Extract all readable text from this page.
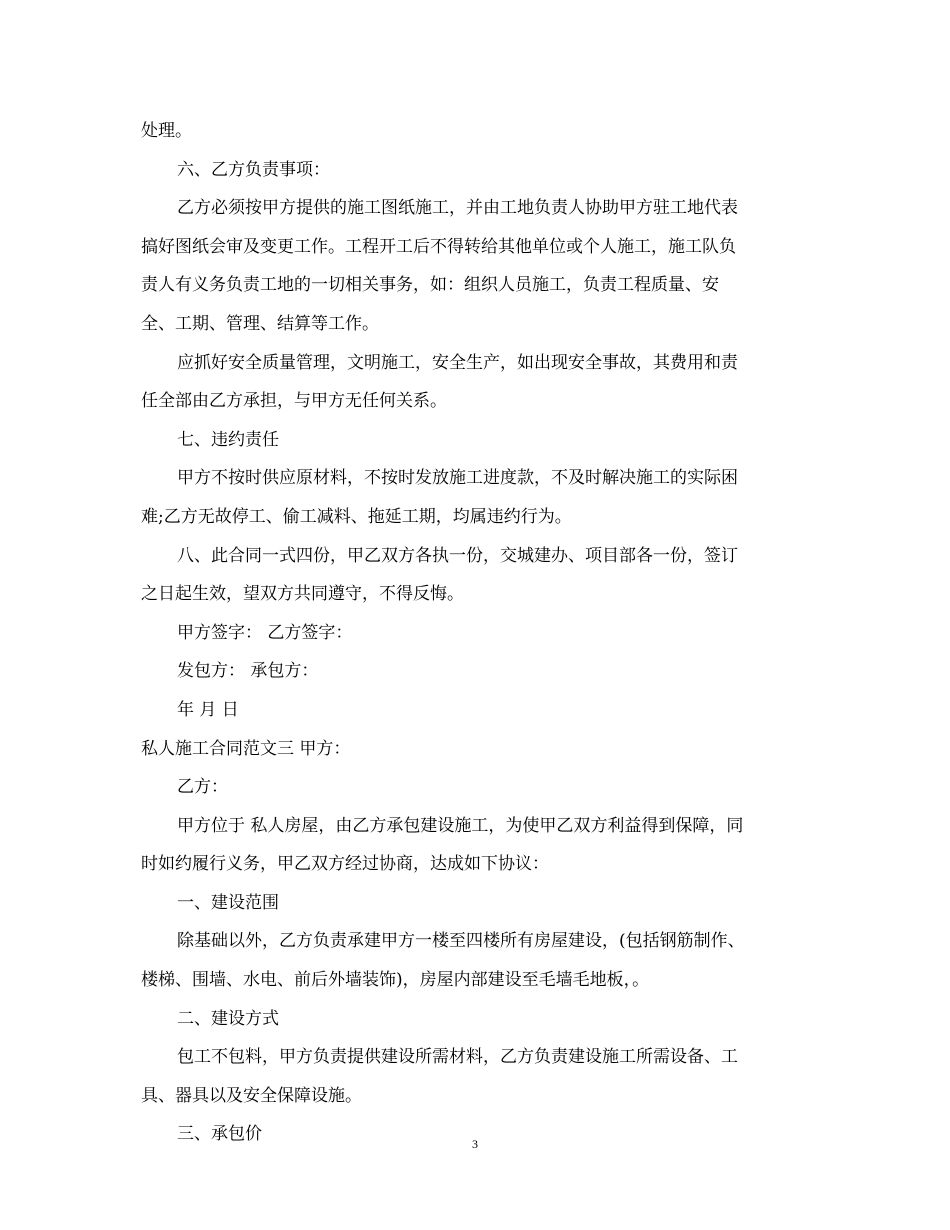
处理。
六、乙方负责事项：
乙方必须按甲方提供的施工图纸施工，并由工地负责人协助甲方驻工地代表
搞好图纸会审及变更工作。工程开工后不得转给其他单位或个人施工，施工队负
责人有义务负责工地的一切相关事务，如：组织人员施工，负责工程质量、安
全、工期、管理、结算等工作。
应抓好安全质量管理，文明施工，安全生产，如出现安全事故，其费用和责
任全部由乙方承担，与甲方无任何关系。
七、违约责任
甲方不按时供应原材料，不按时发放施工进度款，不及时解决施工的实际困
难;乙方无故停工、偷工减料、拖延工期，均属违约行为。
八、此合同一式四份，甲乙双方各执一份，交城建办、项目部各一份，签订
之日起生效，望双方共同遵守，不得反悔。
甲方签字： 乙方签字：
发包方： 承包方：
年 月 日
私人施工合同范文三 甲方：
乙方：
甲方位于 私人房屋，由乙方承包建设施工，为使甲乙双方利益得到保障，同
时如约履行义务，甲乙双方经过协商，达成如下协议：
一、建设范围
除基础以外，乙方负责承建甲方一楼至四楼所有房屋建设，(包括钢筋制作、
楼梯、围墙、水电、前后外墙装饰)，房屋内部建设至毛墙毛地板，。
二、建设方式
包工不包料，甲方负责提供建设所需材料，乙方负责建设施工所需设备、工
具、器具以及安全保障设施。
三、承包价	3
